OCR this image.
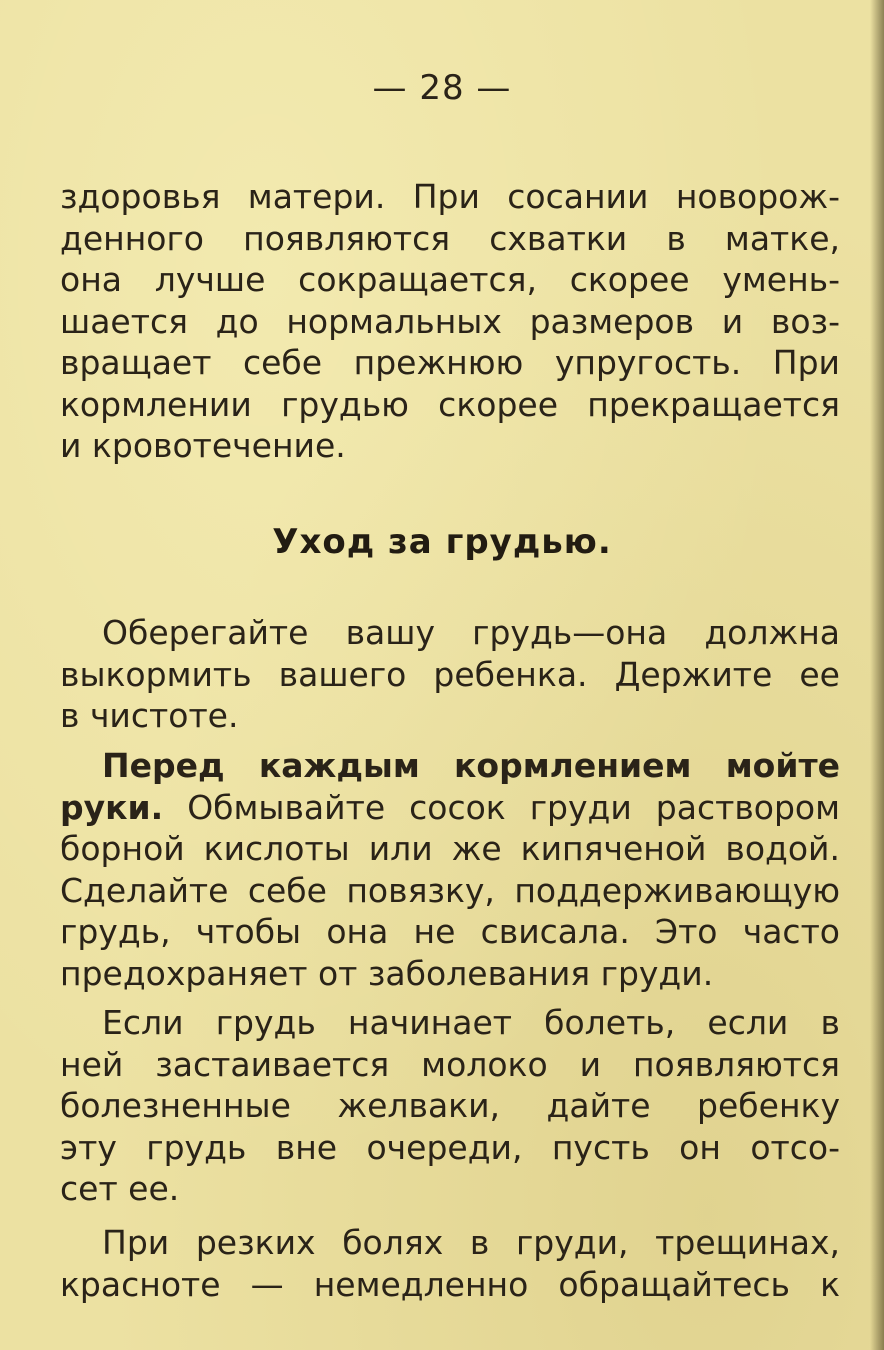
— 28 —
здоровья матери. При сосании новорож-
денного появляются схватки в матке,
она лучше сокращается, скорее умень-
шается до нормальных размеров и воз-
вращает себе прежнюю упругость. При
кормлении грудью скорее прекращается
и кровотечение.
Уход за грудью.
Оберегайте вашу грудь—она должна
выкормить вашего ребенка. Держите ее
в чистоте.
Перед каждым кормлением мойте
руки. Обмывайте сосок груди раствором
борной кислоты или же кипяченой водой.
Сделайте себе повязку, поддерживающую
грудь, чтобы она не свисала. Это часто
предохраняет от заболевания груди.
Если грудь начинает болеть, если в
ней застаивается молоко и появляются
болезненные желваки, дайте ребенку
эту грудь вне очереди, пусть он отсо-
сет ее.
При резких болях в груди, трещинах,
красноте — немедленно обращайтесь к
